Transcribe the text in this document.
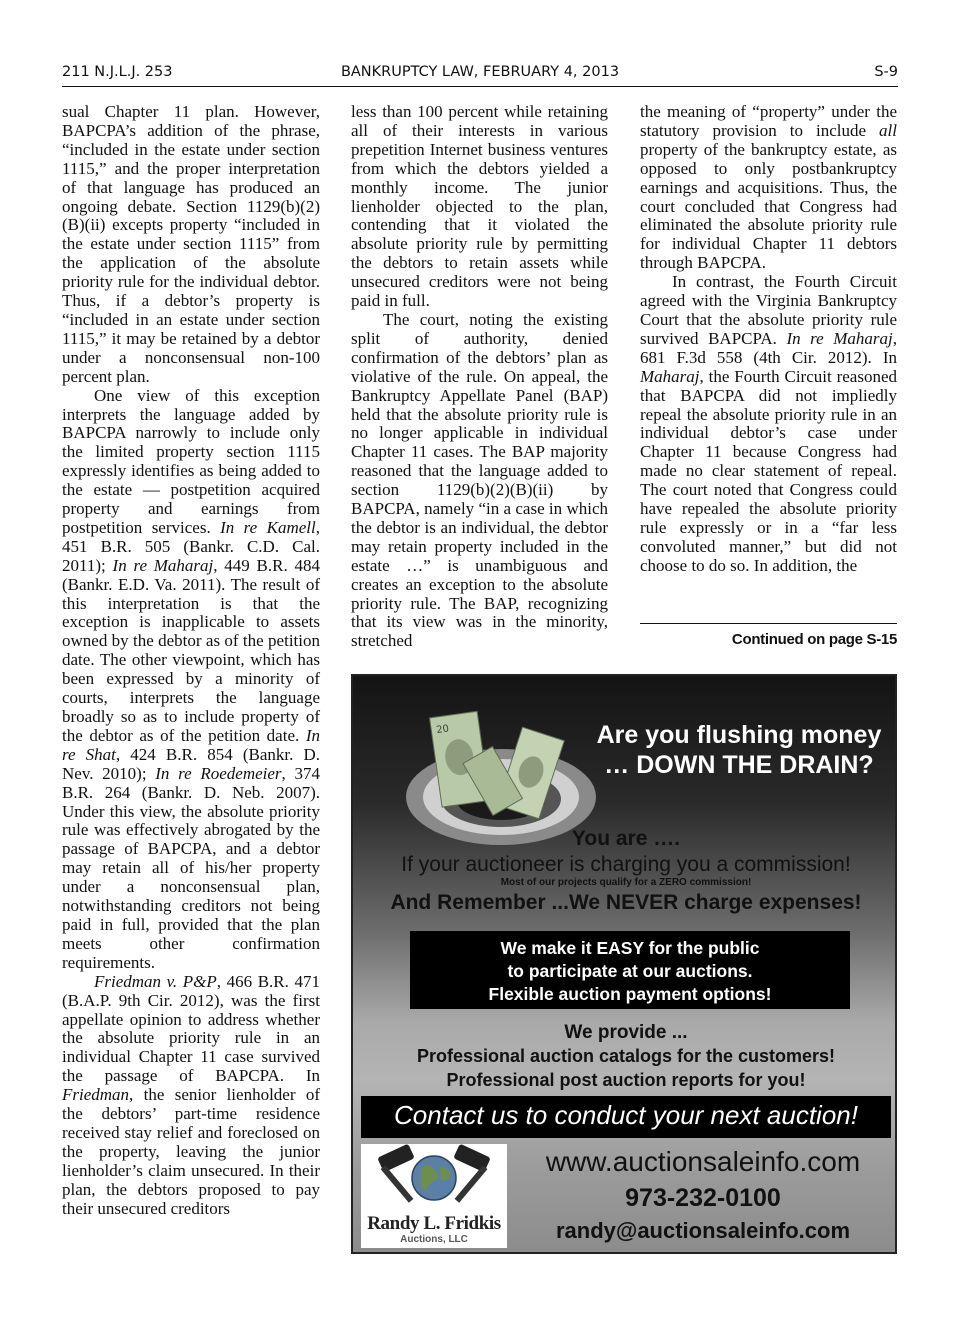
211 N.J.L.J. 253	BANKRUPTCY LAW, FEBRUARY 4, 2013	S-9

sual Chapter 11 plan. However, BAPCPA’s addition of the phrase, “included in the estate under section 1115,” and the proper interpretation of that language has produced an ongoing debate. Section 1129(b)(2)(B)(ii) excepts property “included in the estate under section 1115” from the application of the absolute priority rule for the individual debtor. Thus, if a debtor’s property is “included in an estate under section 1115,” it may be retained by a debtor under a nonconsensual non-100 percent plan.

One view of this exception interprets the language added by BAPCPA narrowly to include only the limited property section 1115 expressly identifies as being added to the estate — postpetition acquired property and earnings from postpetition services. In re Kamell, 451 B.R. 505 (Bankr. C.D. Cal. 2011); In re Maharaj, 449 B.R. 484 (Bankr. E.D. Va. 2011). The result of this interpretation is that the exception is inapplicable to assets owned by the debtor as of the petition date. The other viewpoint, which has been expressed by a minority of courts, interprets the language broadly so as to include property of the debtor as of the petition date. In re Shat, 424 B.R. 854 (Bankr. D. Nev. 2010); In re Roedemeier, 374 B.R. 264 (Bankr. D. Neb. 2007). Under this view, the absolute priority rule was effectively abrogated by the passage of BAPCPA, and a debtor may retain all of his/her property under a nonconsensual plan, notwithstanding creditors not being paid in full, provided that the plan meets other confirmation requirements.

Friedman v. P&P, 466 B.R. 471 (B.A.P. 9th Cir. 2012), was the first appellate opinion to address whether the absolute priority rule in an individual Chapter 11 case survived the passage of BAPCPA. In Friedman, the senior lienholder of the debtors’ part-time residence received stay relief and foreclosed on the property, leaving the junior lienholder’s claim unsecured. In their plan, the debtors proposed to pay their unsecured creditors

less than 100 percent while retaining all of their interests in various prepetition Internet business ventures from which the debtors yielded a monthly income. The junior lienholder objected to the plan, contending that it violated the absolute priority rule by permitting the debtors to retain assets while unsecured creditors were not being paid in full.

The court, noting the existing split of authority, denied confirmation of the debtors’ plan as violative of the rule. On appeal, the Bankruptcy Appellate Panel (BAP) held that the absolute priority rule is no longer applicable in individual Chapter 11 cases. The BAP majority reasoned that the language added to section 1129(b)(2)(B)(ii) by BAPCPA, namely “in a case in which the debtor is an individual, the debtor may retain property included in the estate …” is unambiguous and creates an exception to the absolute priority rule. The BAP, recognizing that its view was in the minority, stretched

the meaning of “property” under the statutory provision to include all property of the bankruptcy estate, as opposed to only postbankruptcy earnings and acquisitions. Thus, the court concluded that Congress had eliminated the absolute priority rule for individual Chapter 11 debtors through BAPCPA.

In contrast, the Fourth Circuit agreed with the Virginia Bankruptcy Court that the absolute priority rule survived BAPCPA. In re Maharaj, 681 F.3d 558 (4th Cir. 2012). In Maharaj, the Fourth Circuit reasoned that BAPCPA did not impliedly repeal the absolute priority rule in an individual debtor’s case under Chapter 11 because Congress had made no clear statement of repeal. The court noted that Congress could have repealed the absolute priority rule expressly or in a “far less convoluted manner,” but did not choose to do so. In addition, the

Continued on page S-15
20	Are you flushing money
… DOWN THE DRAIN?
You are ….
If your auctioneer is charging you a commission!
Most of our projects qualify for a ZERO commission!
And Remember ...We NEVER charge expenses!
We make it EASY for the public
to participate at our auctions.
Flexible auction payment options!
We provide ...
Professional auction catalogs for the customers!
Professional post auction reports for you!
Contact us to conduct your next auction!
Randy L. Fridkis
Auctions, LLC
www.auctionsaleinfo.com
973-232-0100
randy@auctionsaleinfo.com
